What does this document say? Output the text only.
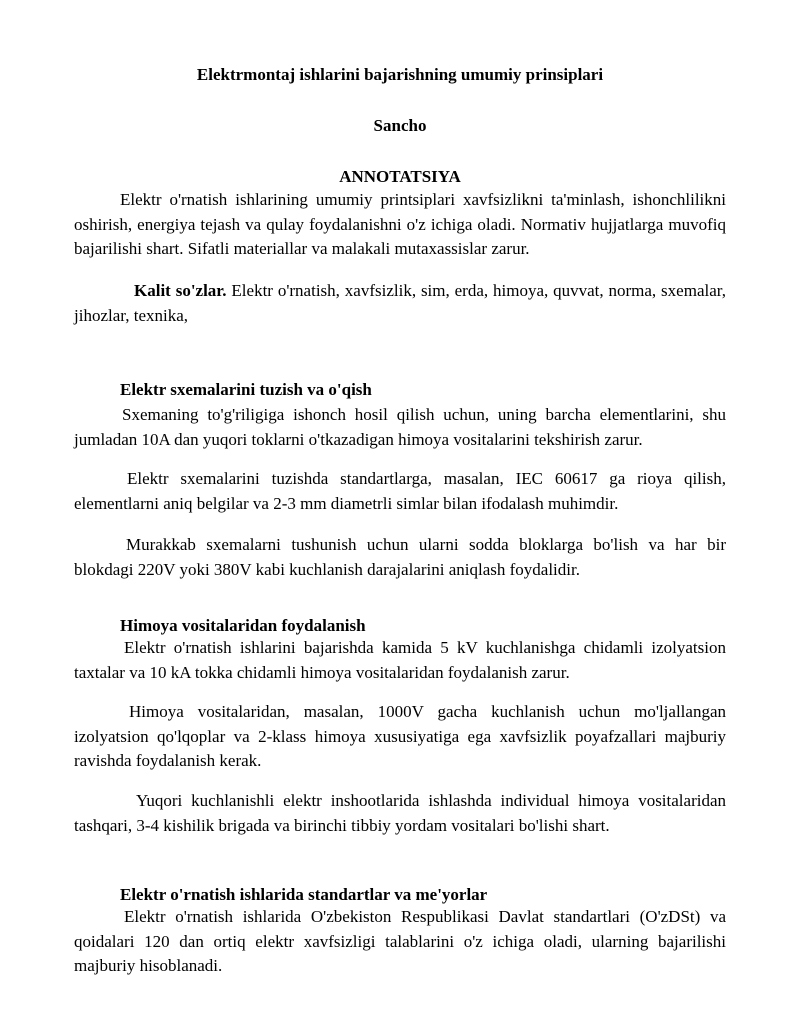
Elektrmontaj ishlarini bajarishning umumiy prinsiplari
Sancho
ANNOTATSIYA
Elektr o'rnatish ishlarining umumiy printsiplari xavfsizlikni ta'minlash, ishonchlilikni oshirish, energiya tejash va qulay foydalanishni o'z ichiga oladi. Normativ hujjatlarga muvofiq bajarilishi shart. Sifatli materiallar va malakali mutaxassislar zarur.
Kalit so'zlar. Elektr o'rnatish, xavfsizlik, sim, erda, himoya, quvvat, norma, sxemalar, jihozlar, texnika,
Elektr sxemalarini tuzish va o'qish
Sxemaning to'g'riligiga ishonch hosil qilish uchun, uning barcha elementlarini, shu jumladan 10A dan yuqori toklarni o'tkazadigan himoya vositalarini tekshirish zarur.
Elektr sxemalarini tuzishda standartlarga, masalan, IEC 60617 ga rioya qilish, elementlarni aniq belgilar va 2-3 mm diametrli simlar bilan ifodalash muhimdir.
Murakkab sxemalarni tushunish uchun ularni sodda bloklarga bo'lish va har bir blokdagi 220V yoki 380V kabi kuchlanish darajalarini aniqlash foydalidir.
Himoya vositalaridan foydalanish
Elektr o'rnatish ishlarini bajarishda kamida 5 kV kuchlanishga chidamli izolyatsion taxtalar va 10 kA tokka chidamli himoya vositalaridan foydalanish zarur.
Himoya vositalaridan, masalan, 1000V gacha kuchlanish uchun mo'ljallangan izolyatsion qo'lqoplar va 2-klass himoya xususiyatiga ega xavfsizlik poyafzallari majburiy ravishda foydalanish kerak.
Yuqori kuchlanishli elektr inshootlarida ishlashda individual himoya vositalaridan tashqari, 3-4 kishilik brigada va birinchi tibbiy yordam vositalari bo'lishi shart.
Elektr o'rnatish ishlarida standartlar va me'yorlar
Elektr o'rnatish ishlarida O'zbekiston Respublikasi Davlat standartlari (O'zDSt) va qoidalari 120 dan ortiq elektr xavfsizligi talablarini o'z ichiga oladi, ularning bajarilishi majburiy hisoblanadi.
